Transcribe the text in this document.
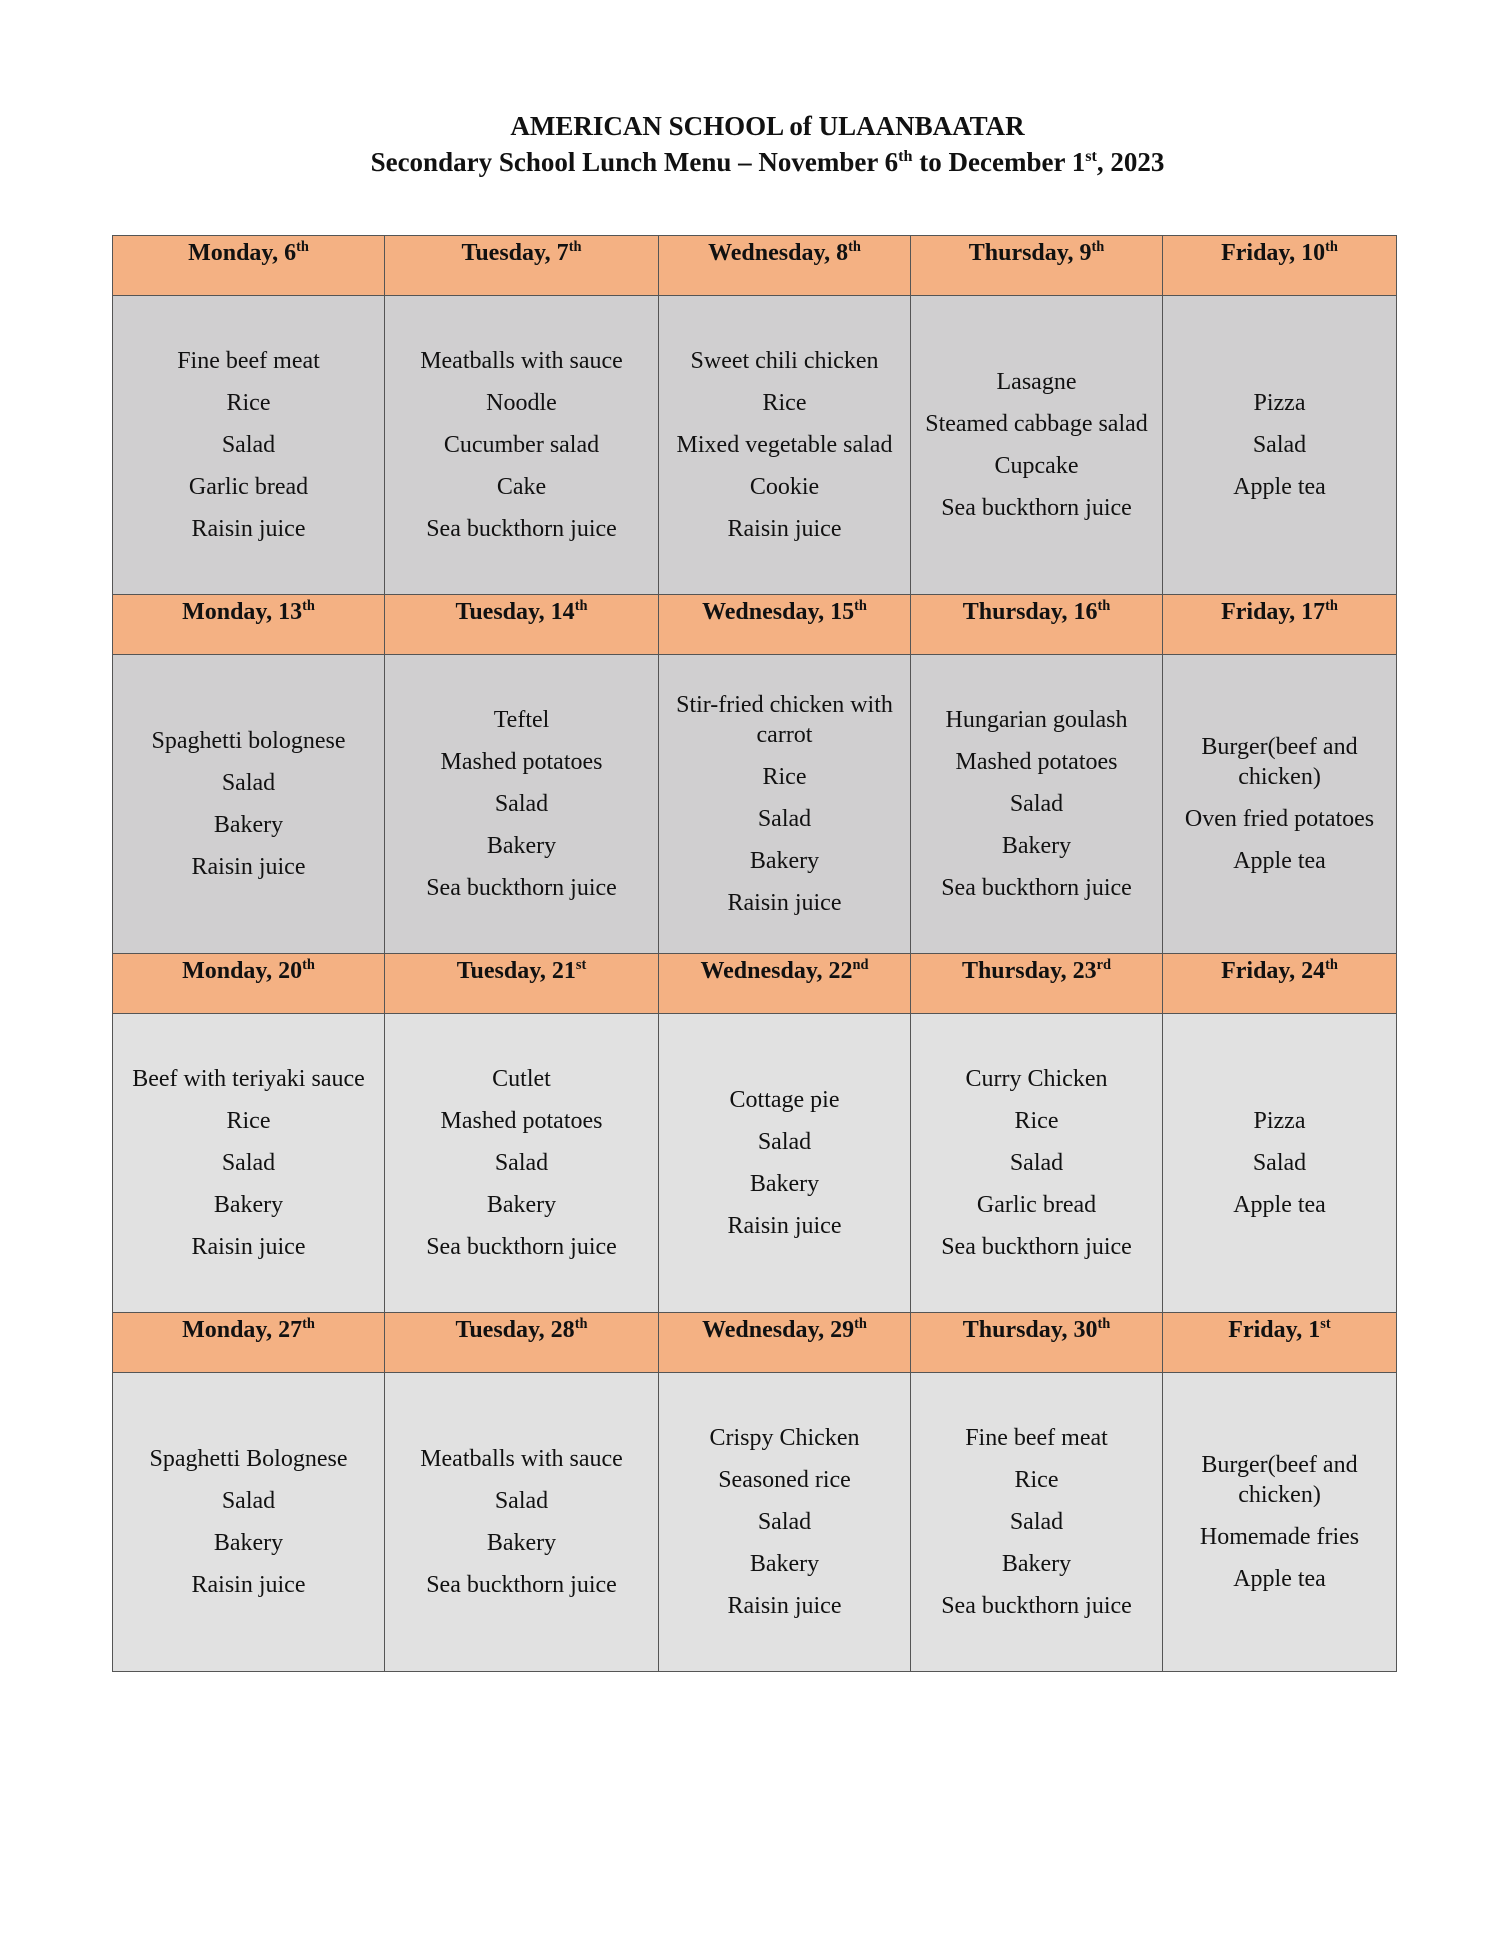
AMERICAN SCHOOL of ULAANBAATAR
Secondary School Lunch Menu – November 6th to December 1st, 2023
Monday, 6th	Tuesday, 7th	Wednesday, 8th	Thursday, 9th	Friday, 10th

Fine beef meat
Rice
Salad
Garlic bread
Raisin juice	Meatballs with sauce
Noodle
Cucumber salad
Cake
Sea buckthorn juice	Sweet chili chicken
Rice
Mixed vegetable salad
Cookie
Raisin juice	Lasagne
Steamed cabbage salad
Cupcake
Sea buckthorn juice	Pizza
Salad
Apple tea

Monday, 13th	Tuesday, 14th	Wednesday, 15th	Thursday, 16th	Friday, 17th

Spaghetti bolognese
Salad
Bakery
Raisin juice	Teftel
Mashed potatoes
Salad
Bakery
Sea buckthorn juice	Stir-fried chicken with carrot
Rice
Salad
Bakery
Raisin juice	Hungarian goulash
Mashed potatoes
Salad
Bakery
Sea buckthorn juice	Burger(beef and chicken)
Oven fried potatoes
Apple tea

Monday, 20th	Tuesday, 21st	Wednesday, 22nd	Thursday, 23rd	Friday, 24th

Beef with teriyaki sauce
Rice
Salad
Bakery
Raisin juice	Cutlet
Mashed potatoes
Salad
Bakery
Sea buckthorn juice	Cottage pie
Salad
Bakery
Raisin juice	Curry Chicken
Rice
Salad
Garlic bread
Sea buckthorn juice	Pizza
Salad
Apple tea

Monday, 27th	Tuesday, 28th	Wednesday, 29th	Thursday, 30th	Friday, 1st

Spaghetti Bolognese
Salad
Bakery
Raisin juice	Meatballs with sauce
Salad
Bakery
Sea buckthorn juice	Crispy Chicken
Seasoned rice
Salad
Bakery
Raisin juice	Fine beef meat
Rice
Salad
Bakery
Sea buckthorn juice	Burger(beef and chicken)
Homemade fries
Apple tea
